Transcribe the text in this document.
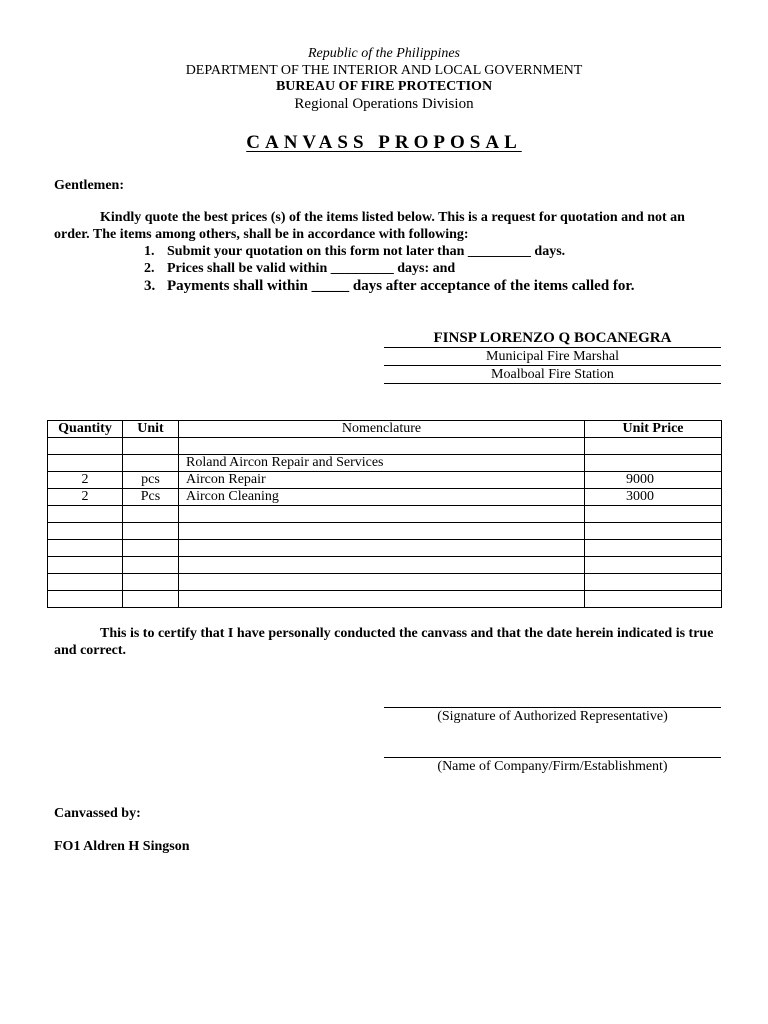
Republic of the Philippines
DEPARTMENT OF THE INTERIOR AND LOCAL GOVERNMENT
BUREAU OF FIRE PROTECTION
Regional Operations Division
CANVASS PROPOSAL
Gentlemen:
Kindly quote the best prices (s) of the items listed below. This is a request for quotation and not an order. The items among others, shall be in accordance with following:
1. Submit your quotation on this form not later than _________ days.
2. Prices shall be valid within _________ days: and
3. Payments shall within _____ days after acceptance of the items called for.
FINSP LORENZO Q BOCANEGRA
Municipal Fire Marshal
Moalboal Fire Station
Quantity	Unit	Nomenclature	Unit Price

		Roland Aircon Repair and Services	
2	pcs	Aircon Repair	9000
2	Pcs	Aircon Cleaning	3000

This is to certify that I have personally conducted the canvass and that the date herein indicated is true and correct.
(Signature of Authorized Representative)
(Name of Company/Firm/Establishment)
Canvassed by:
FO1 Aldren H Singson
